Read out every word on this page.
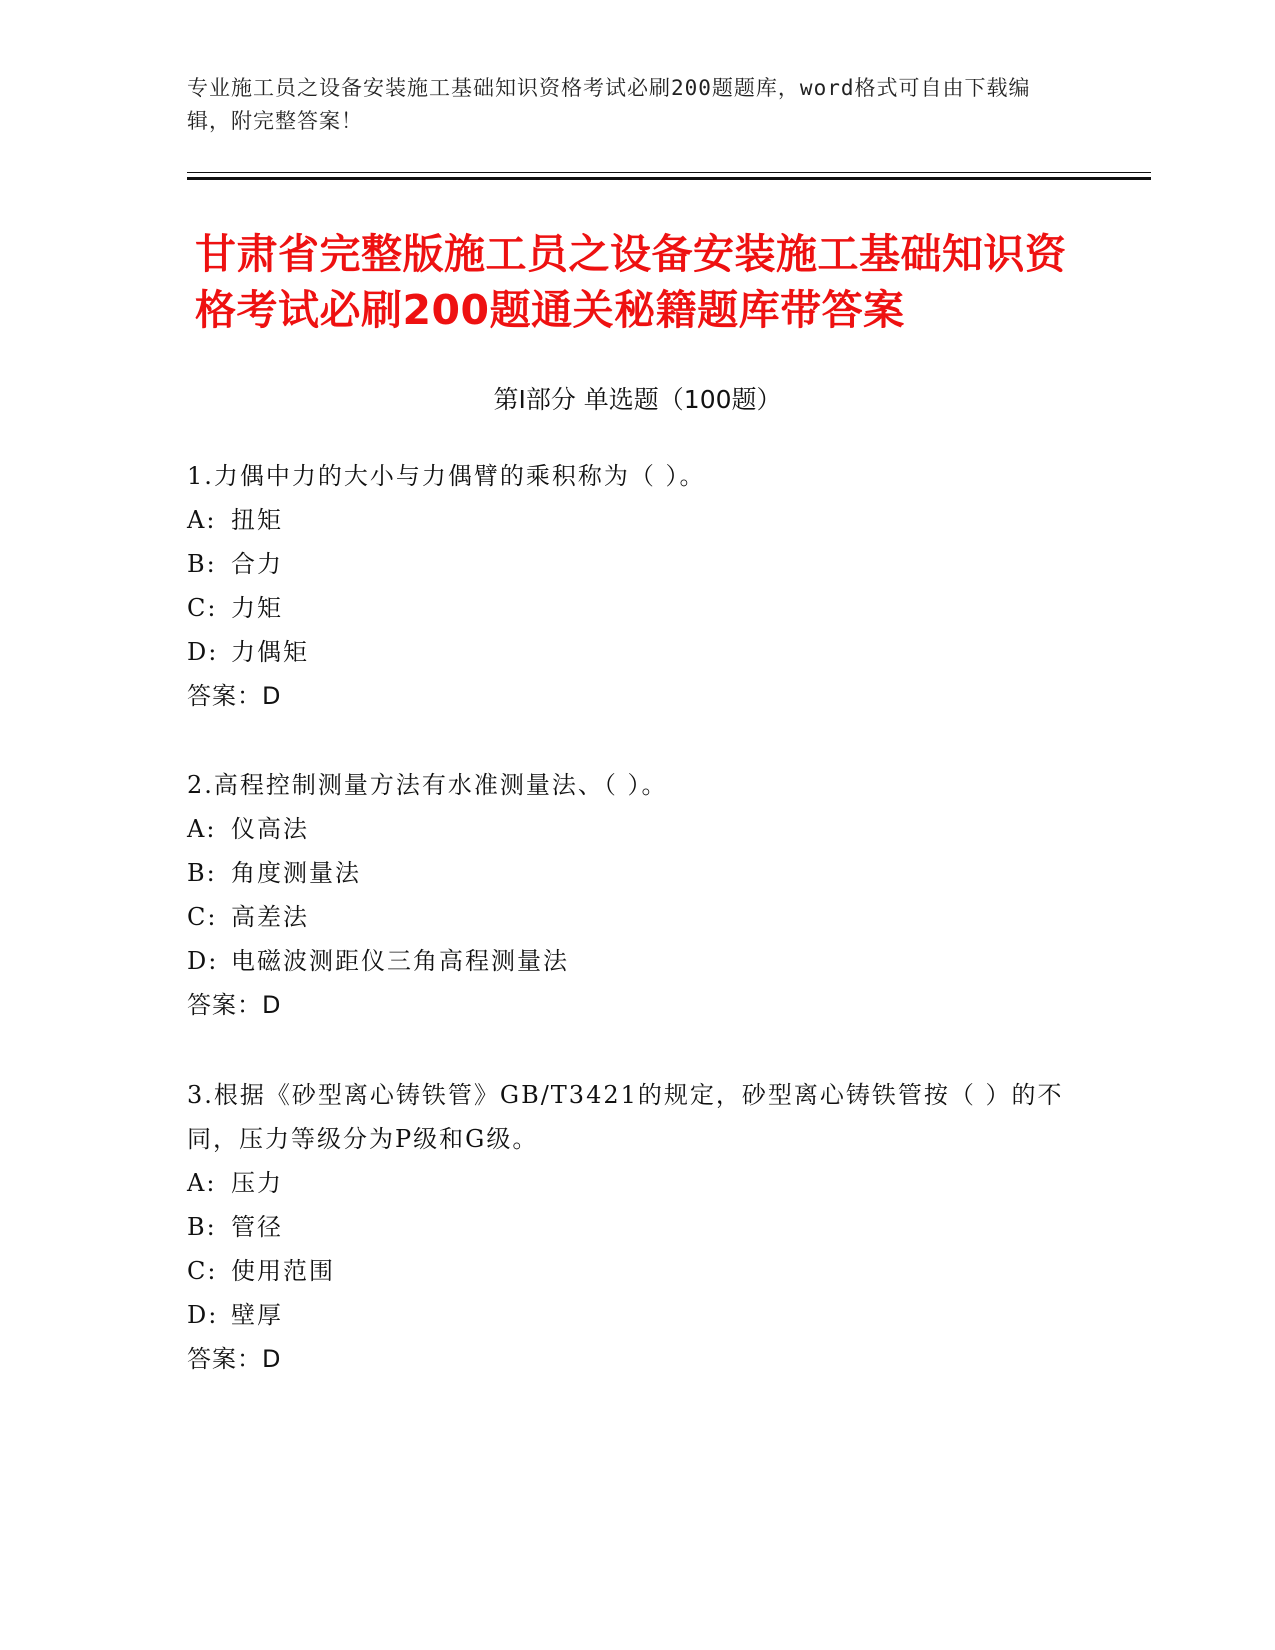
专业施工员之设备安装施工基础知识资格考试必刷200题题库，word格式可自由下载编辑，附完整答案！
甘肃省完整版施工员之设备安装施工基础知识资格考试必刷200题通关秘籍题库带答案
第Ⅰ部分 单选题（100题）
1.力偶中力的大小与力偶臂的乘积称为（ ）。
A: 扭矩
B: 合力
C: 力矩
D: 力偶矩
答案：D
2.高程控制测量方法有水准测量法、（ ）。
A: 仪高法
B: 角度测量法
C: 高差法
D: 电磁波测距仪三角高程测量法
答案：D
3.根据《砂型离心铸铁管》GB/T3421的规定，砂型离心铸铁管按（ ）的不同，压力等级分为P级和G级。
A: 压力
B: 管径
C: 使用范围
D: 壁厚
答案：D
